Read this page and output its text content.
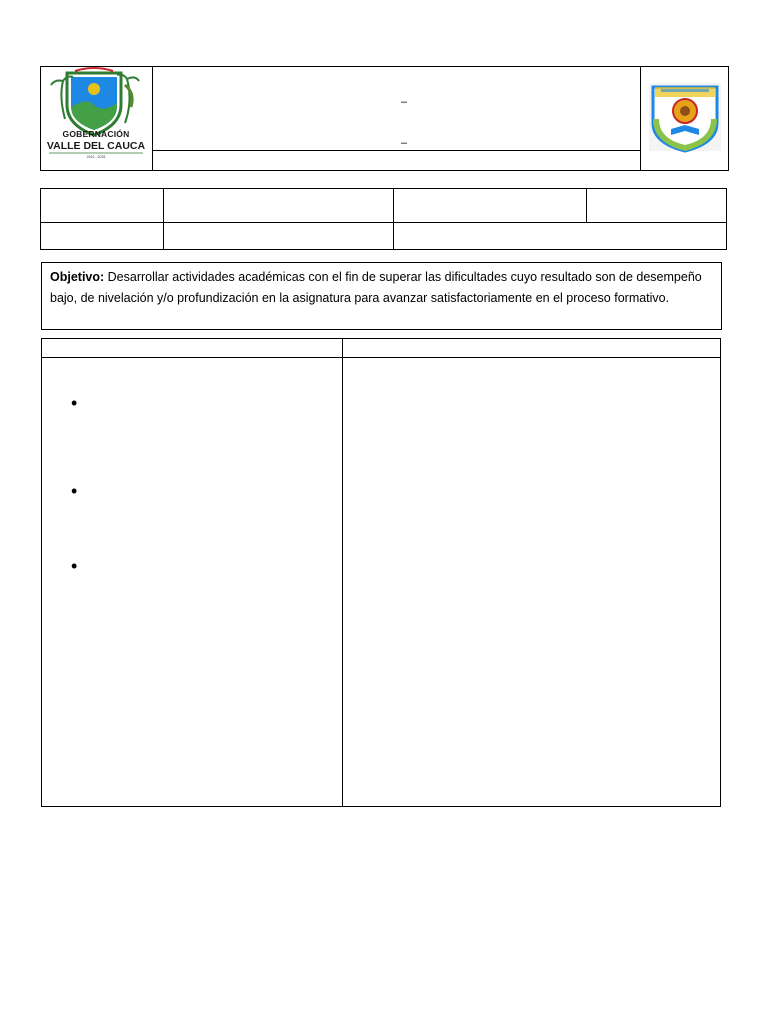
GOBERNACIÓN
VALLE DEL CAUCA
2012 - 2015
–
–
Objetivo: Desarrollar actividades académicas con el fin de superar las dificultades cuyo resultado son de desempeño bajo, de nivelación y/o profundización en la asignatura para avanzar satisfactoriamente en el proceso formativo.
•
•
•
